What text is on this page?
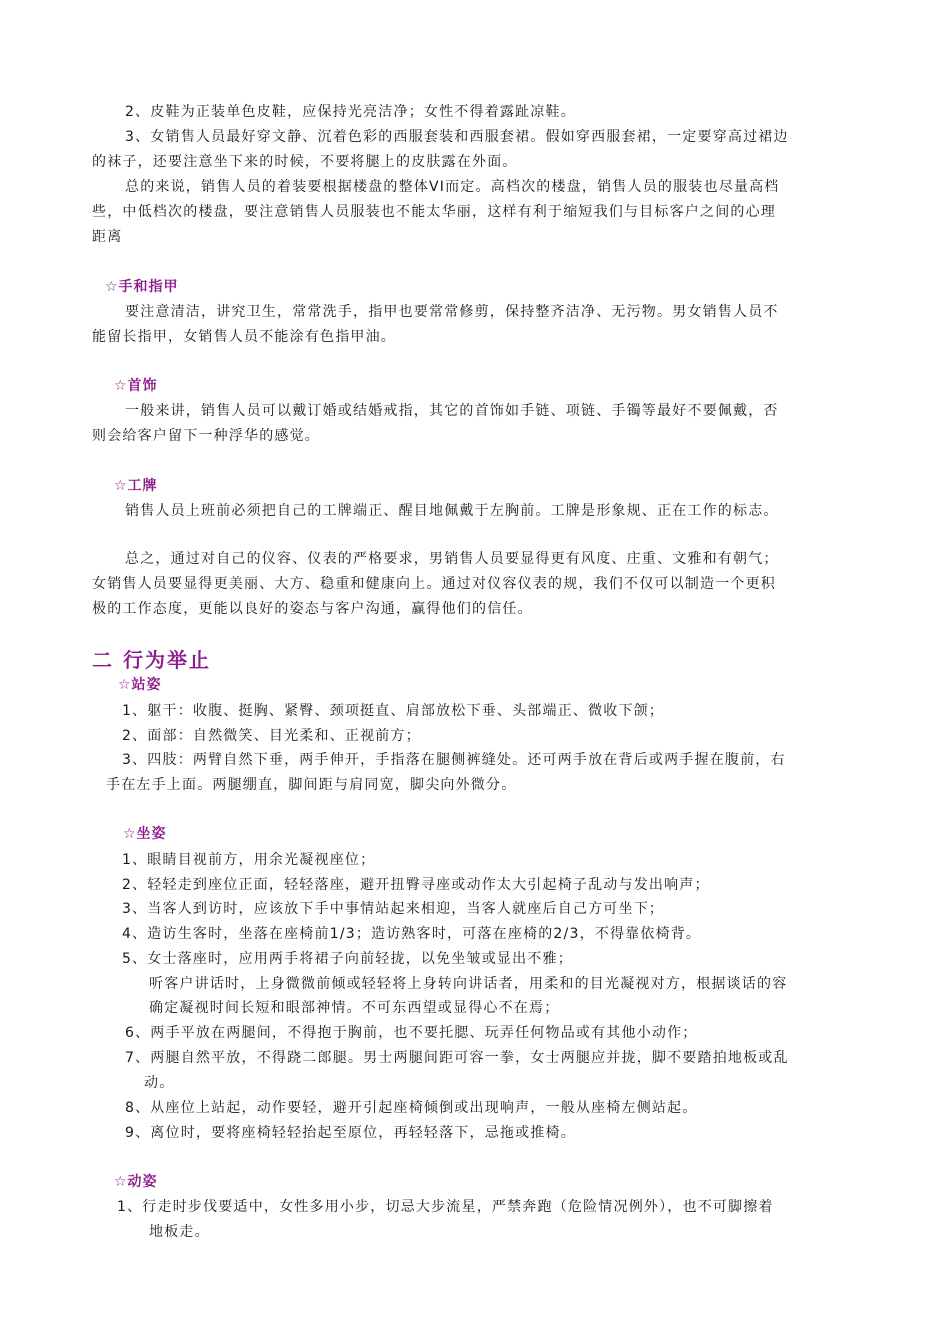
2、皮鞋为正装单色皮鞋，应保持光亮洁净；女性不得着露趾凉鞋。
3、女销售人员最好穿文静、沉着色彩的西服套装和西服套裙。假如穿西服套裙，一定要穿高过裙边
的袜子，还要注意坐下来的时候，不要将腿上的皮肤露在外面。
总的来说，销售人员的着装要根据楼盘的整体VI而定。高档次的楼盘，销售人员的服装也尽量高档
些，中低档次的楼盘，要注意销售人员服装也不能太华丽，这样有利于缩短我们与目标客户之间的心理
距离
☆手和指甲
要注意清洁，讲究卫生，常常洗手，指甲也要常常修剪，保持整齐洁净、无污物。男女销售人员不
能留长指甲，女销售人员不能涂有色指甲油。
☆首饰
一般来讲，销售人员可以戴订婚或结婚戒指，其它的首饰如手链、项链、手镯等最好不要佩戴，否
则会给客户留下一种浮华的感觉。
☆工牌
销售人员上班前必须把自己的工牌端正、醒目地佩戴于左胸前。工牌是形象规、正在工作的标志。
总之，通过对自己的仪容、仪表的严格要求，男销售人员要显得更有风度、庄重、文雅和有朝气；
女销售人员要显得更美丽、大方、稳重和健康向上。通过对仪容仪表的规，我们不仅可以制造一个更积
极的工作态度，更能以良好的姿态与客户沟通，赢得他们的信任。
二 行为举止
☆站姿
1、躯干：收腹、挺胸、紧臀、颈项挺直、肩部放松下垂、头部端正、微收下颌；
2、面部：自然微笑、目光柔和、正视前方；
3、四肢：两臂自然下垂，两手伸开，手指落在腿侧裤缝处。还可两手放在背后或两手握在腹前，右
手在左手上面。两腿绷直，脚间距与肩同宽，脚尖向外微分。
☆坐姿
1、眼睛目视前方，用余光凝视座位；
2、轻轻走到座位正面，轻轻落座，避开扭臀寻座或动作太大引起椅子乱动与发出响声；
3、当客人到访时，应该放下手中事情站起来相迎，当客人就座后自己方可坐下；
4、造访生客时，坐落在座椅前1/3；造访熟客时，可落在座椅的2/3，不得靠依椅背。
5、女士落座时，应用两手将裙子向前轻拢，以免坐皱或显出不雅；
听客户讲话时，上身微微前倾或轻轻将上身转向讲话者，用柔和的目光凝视对方，根据谈话的容
确定凝视时间长短和眼部神情。不可东西望或显得心不在焉；
6、两手平放在两腿间，不得抱于胸前，也不要托腮、玩弄任何物品或有其他小动作；
7、两腿自然平放，不得跷二郎腿。男士两腿间距可容一拳，女士两腿应并拢，脚不要踏拍地板或乱
动。
8、从座位上站起，动作要轻，避开引起座椅倾倒或出现响声，一般从座椅左侧站起。
9、离位时，要将座椅轻轻抬起至原位，再轻轻落下，忌拖或推椅。
☆动姿
1、行走时步伐要适中，女性多用小步，切忌大步流星，严禁奔跑（危险情况例外），也不可脚擦着
地板走。
